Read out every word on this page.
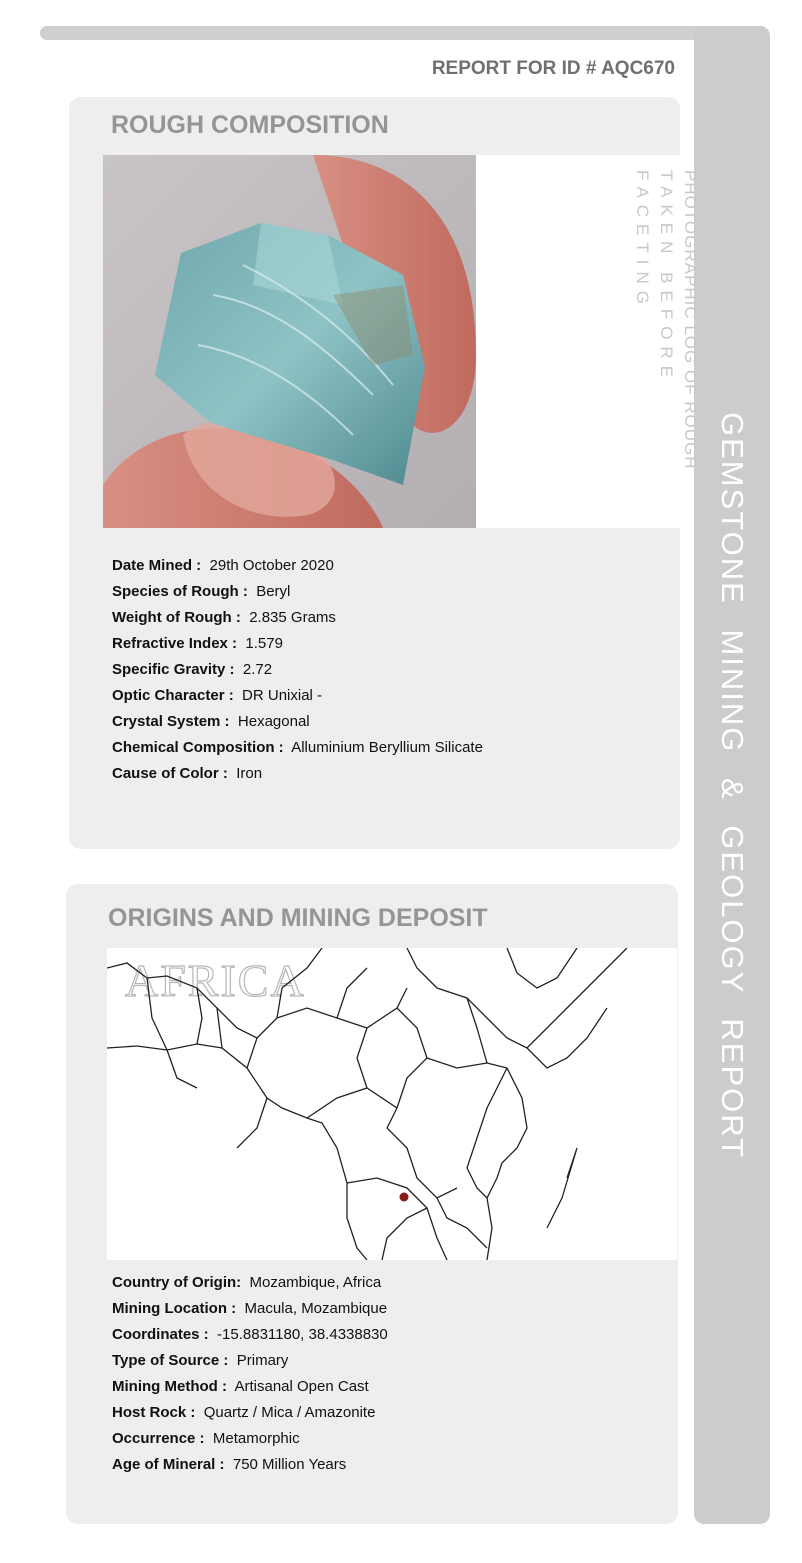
GEMSTONE MINING & GEOLOGY REPORT
REPORT FOR ID # AQC670
ROUGH COMPOSITION
PHOTOGRAPHIC LOG OF ROUGH TAKEN BEFORE FACETING
Date Mined : 29th October 2020
Species of Rough : Beryl
Weight of Rough : 2.835 Grams
Refractive Index : 1.579
Specific Gravity : 2.72
Optic Character : DR Unixial -
Crystal System : Hexagonal
Chemical Composition : Alluminium Beryllium Silicate
Cause of Color : Iron
ORIGINS AND MINING DEPOSIT
AFRICA
Country of Origin: Mozambique, Africa
Mining Location : Macula, Mozambique
Coordinates : -15.8831180, 38.4338830
Type of Source : Primary
Mining Method : Artisanal Open Cast
Host Rock : Quartz / Mica / Amazonite
Occurrence : Metamorphic
Age of Mineral : 750 Million Years
